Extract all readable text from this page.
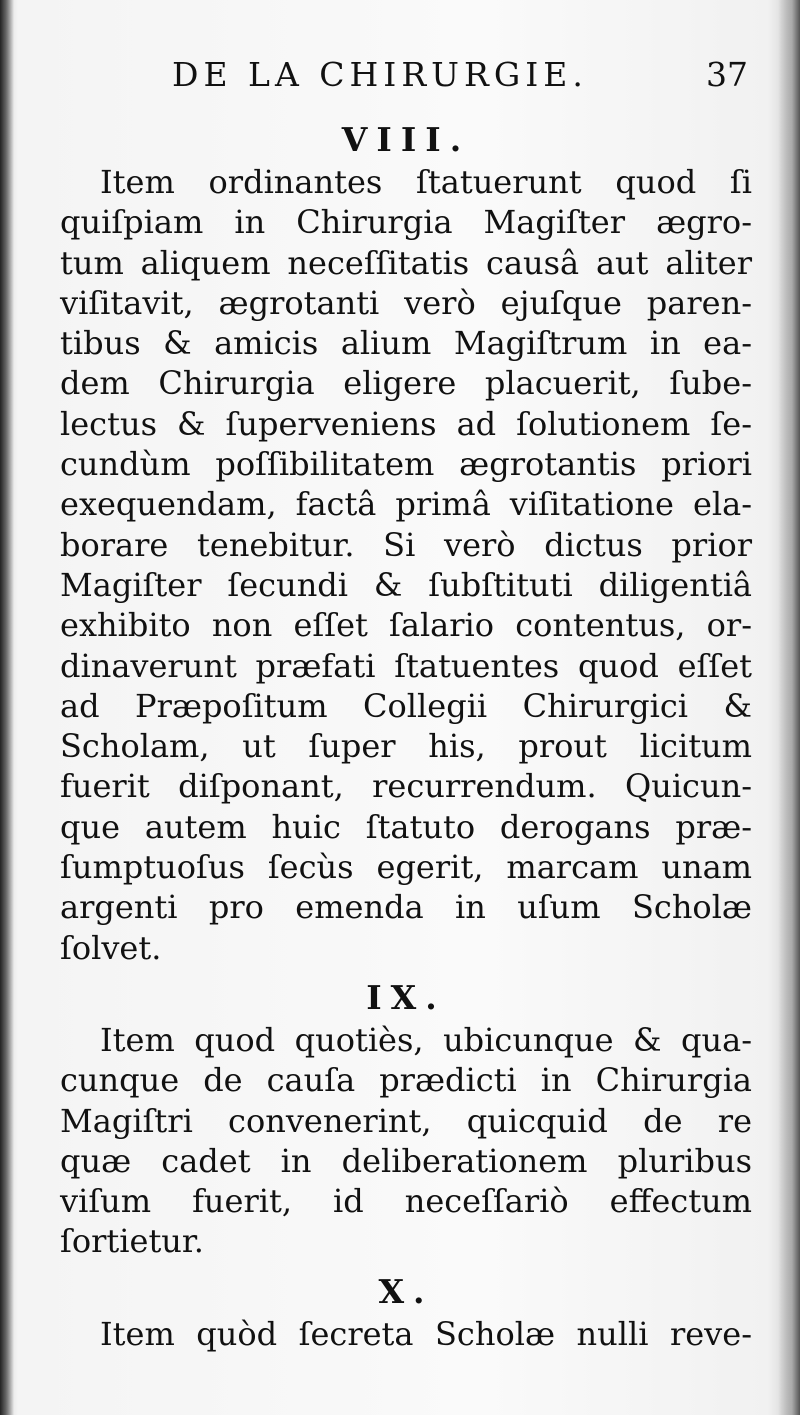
DE LA CHIRURGIE.	37
VIII.
Item ordinantes ſtatuerunt quod ſi
quiſpiam in Chirurgia Magiſter ægro-
tum aliquem neceſſitatis causâ aut aliter
viſitavit, ægrotanti verò ejuſque paren-
tibus & amicis alium Magiſtrum in ea-
dem Chirurgia eligere placuerit, ſube-
lectus & ſuperveniens ad ſolutionem ſe-
cundùm poſſibilitatem ægrotantis priori
exequendam, factâ primâ viſitatione ela-
borare tenebitur. Si verò dictus prior
Magiſter ſecundi & ſubſtituti diligentiâ
exhibito non eſſet ſalario contentus, or-
dinaverunt præfati ſtatuentes quod eſſet
ad Præpoſitum Collegii Chirurgici &
Scholam, ut ſuper his, prout licitum
fuerit diſponant, recurrendum. Quicun-
que autem huic ſtatuto derogans præ-
ſumptuoſus ſecùs egerit, marcam unam
argenti pro emenda in uſum Scholæ
ſolvet.
IX.
Item quod quotiès, ubicunque & qua-
cunque de cauſa prædicti in Chirurgia
Magiſtri convenerint, quicquid de re
quæ cadet in deliberationem pluribus
viſum fuerit, id neceſſariò effectum
ſortietur.
X.
Item quòd ſecreta Scholæ nulli reve-
